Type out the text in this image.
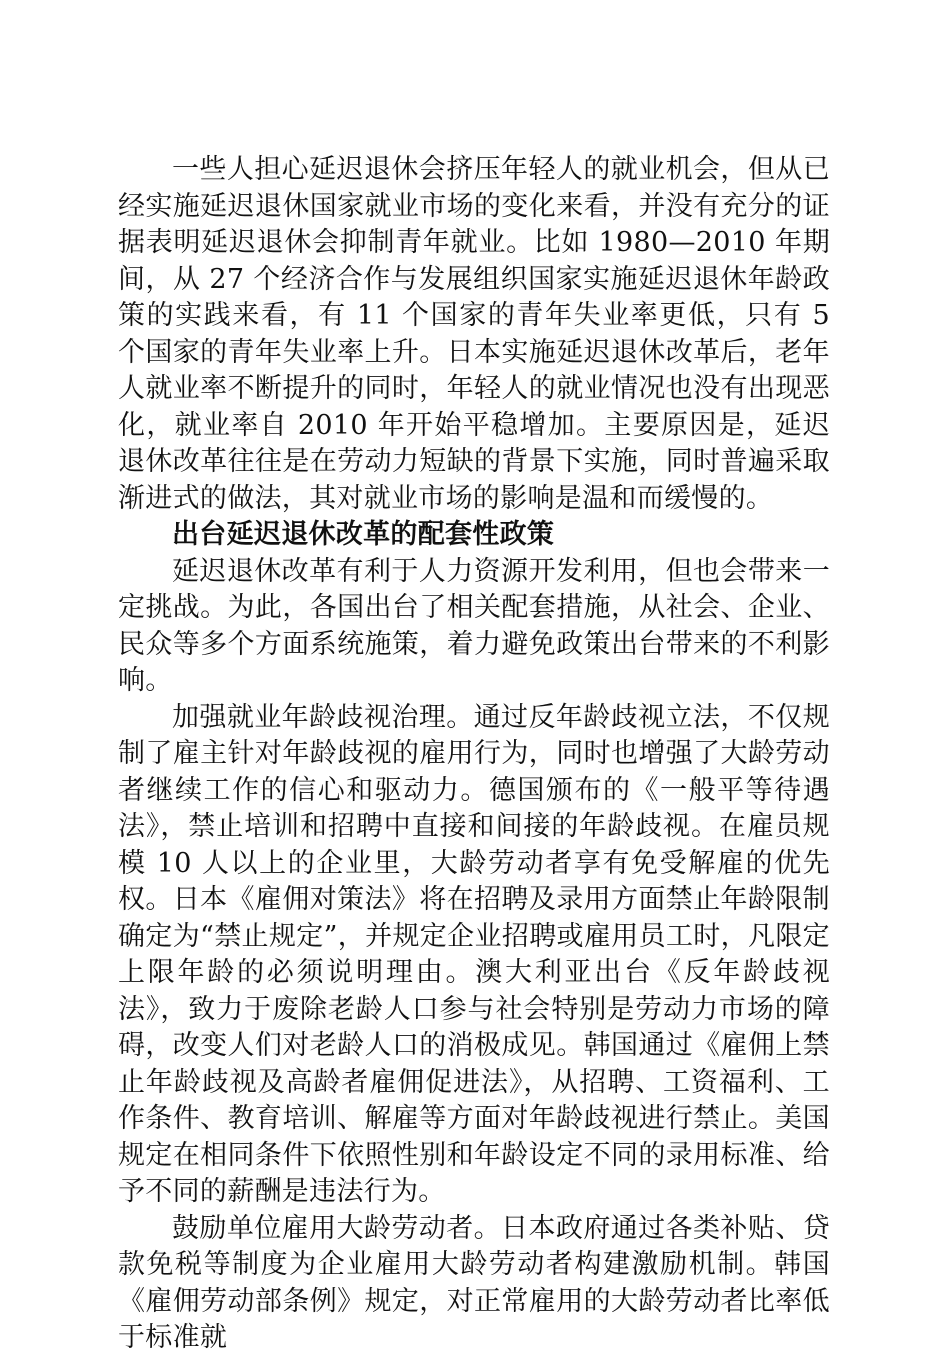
一些人担心延迟退休会挤压年轻人的就业机会，但从已经实施延迟退休国家就业市场的变化来看，并没有充分的证据表明延迟退休会抑制青年就业。比如 1980—2010 年期间，从 27 个经济合作与发展组织国家实施延迟退休年龄政策的实践来看，有 11 个国家的青年失业率更低，只有 5 个国家的青年失业率上升。日本实施延迟退休改革后，老年人就业率不断提升的同时，年轻人的就业情况也没有出现恶化，就业率自 2010 年开始平稳增加。主要原因是，延迟退休改革往往是在劳动力短缺的背景下实施，同时普遍采取渐进式的做法，其对就业市场的影响是温和而缓慢的。

出台延迟退休改革的配套性政策

延迟退休改革有利于人力资源开发利用，但也会带来一定挑战。为此，各国出台了相关配套措施，从社会、企业、民众等多个方面系统施策，着力避免政策出台带来的不利影响。

加强就业年龄歧视治理。通过反年龄歧视立法，不仅规制了雇主针对年龄歧视的雇用行为，同时也增强了大龄劳动者继续工作的信心和驱动力。德国颁布的《一般平等待遇法》，禁止培训和招聘中直接和间接的年龄歧视。在雇员规模 10 人以上的企业里，大龄劳动者享有免受解雇的优先权。日本《雇佣对策法》将在招聘及录用方面禁止年龄限制确定为“禁止规定”，并规定企业招聘或雇用员工时，凡限定上限年龄的必须说明理由。澳大利亚出台《反年龄歧视法》，致力于废除老龄人口参与社会特别是劳动力市场的障碍，改变人们对老龄人口的消极成见。韩国通过《雇佣上禁止年龄歧视及高龄者雇佣促进法》，从招聘、工资福利、工作条件、教育培训、解雇等方面对年龄歧视进行禁止。美国规定在相同条件下依照性别和年龄设定不同的录用标准、给予不同的薪酬是违法行为。

鼓励单位雇用大龄劳动者。日本政府通过各类补贴、贷款免税等制度为企业雇用大龄劳动者构建激励机制。韩国《雇佣劳动部条例》规定，对正常雇用的大龄劳动者比率低于标准就
